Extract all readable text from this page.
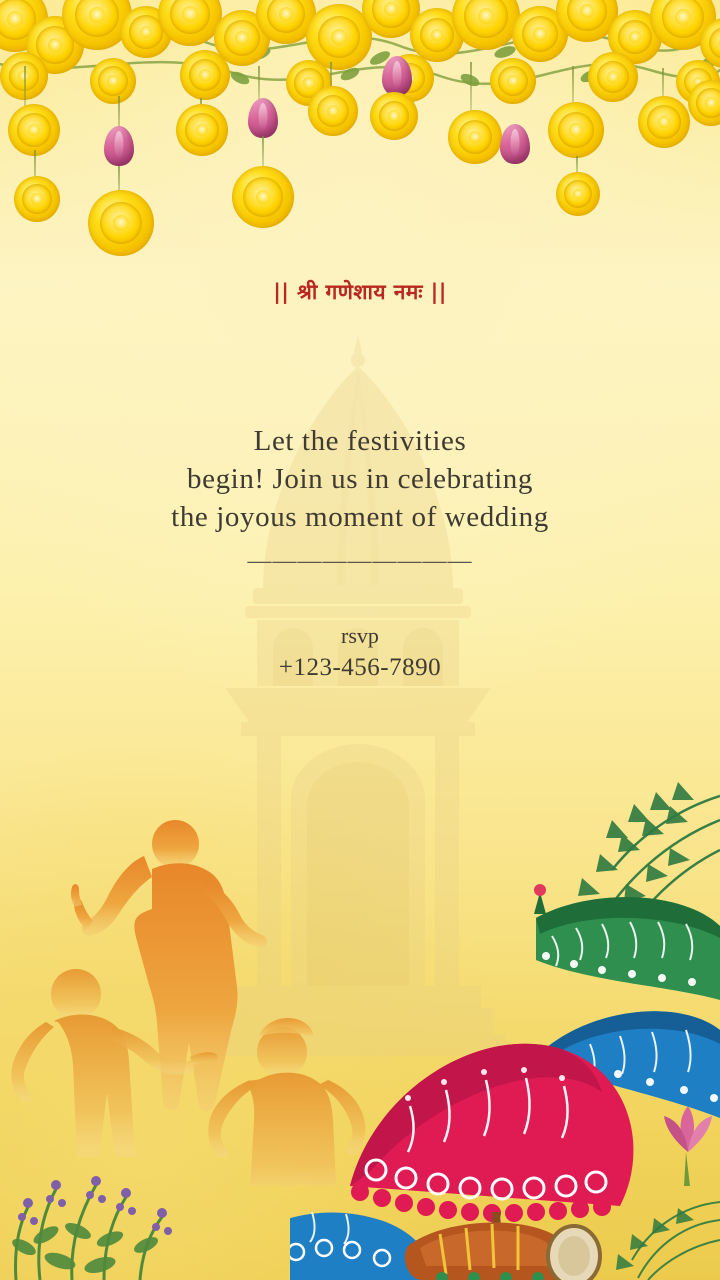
|| श्री गणेशाय नमः ||
Let the festivities
begin! Join us in celebrating
the joyous moment of wedding
—————————
rsvp
+123-456-7890
